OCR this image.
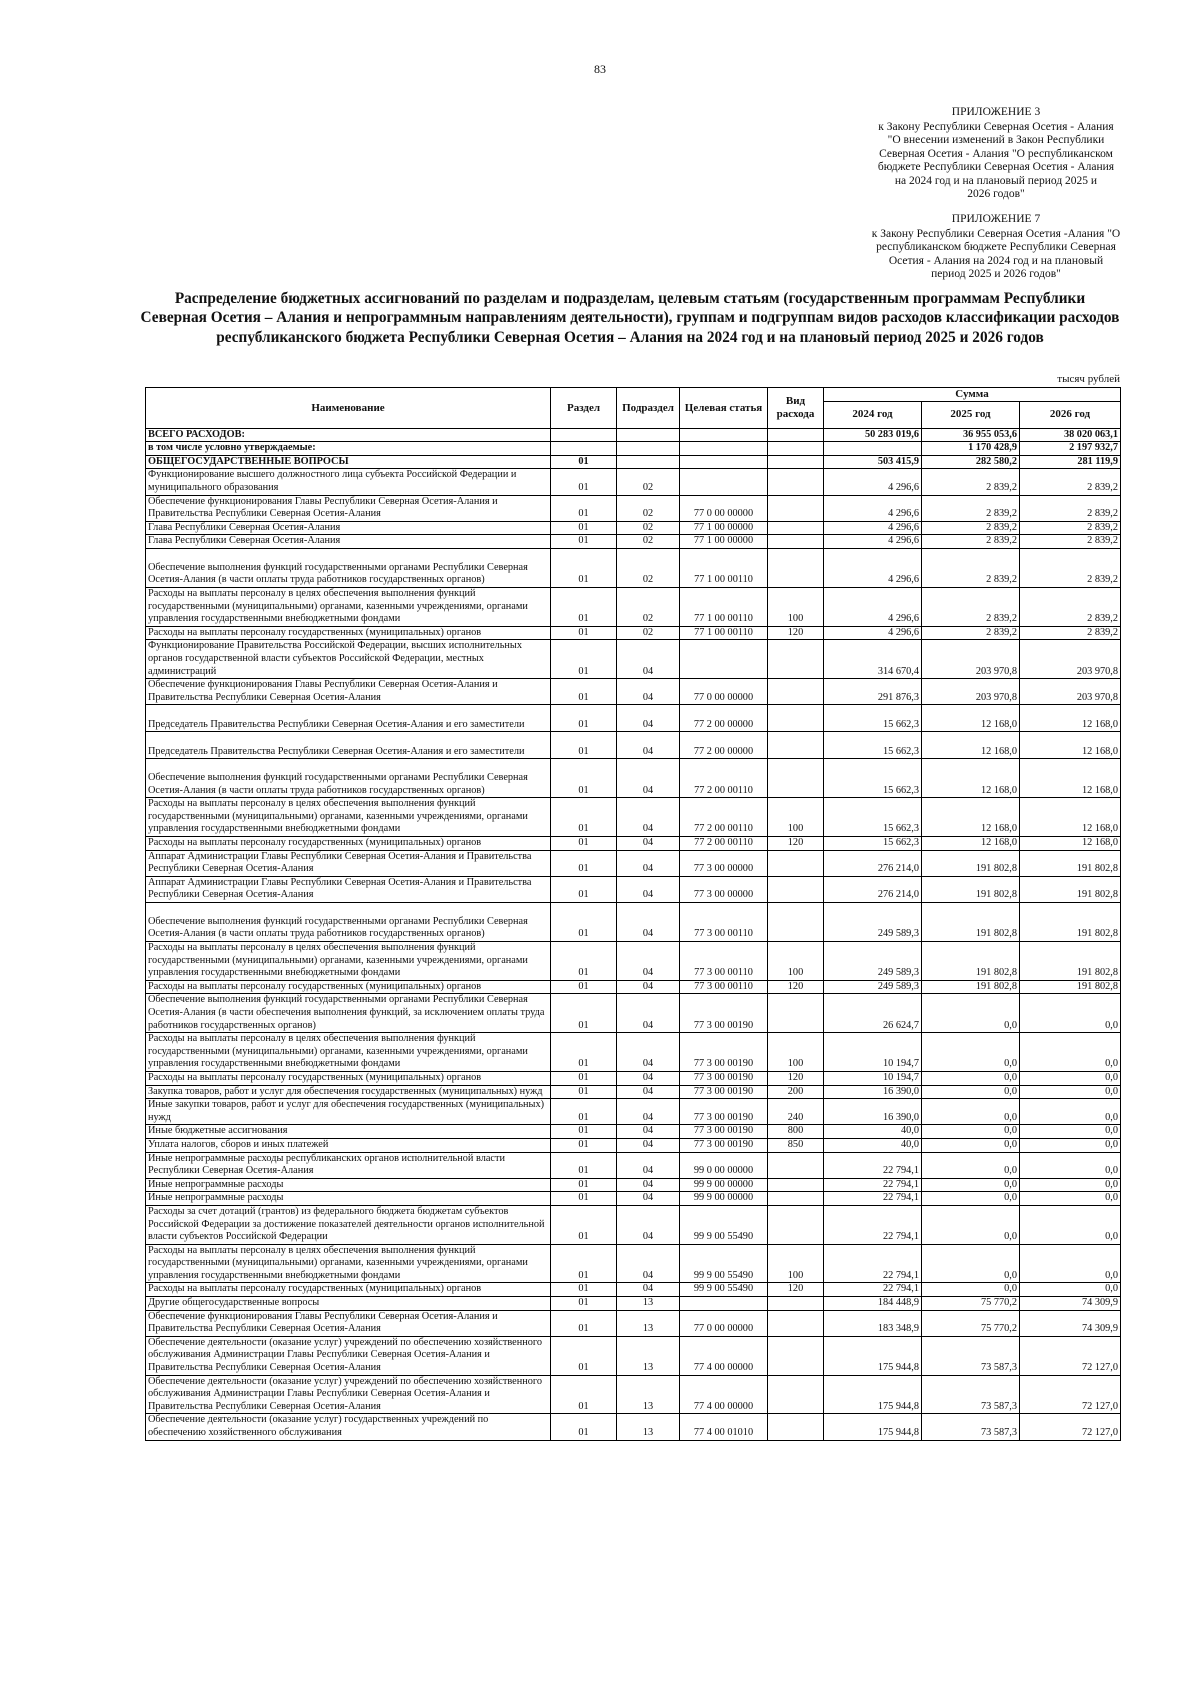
83

ПРИЛОЖЕНИЕ 3

к Закону Республики Северная Осетия - Алания
"О внесении изменений в Закон Республики
Северная Осетия - Алания "О республиканском
бюджете Республики Северная Осетия - Алания
на 2024 год и на плановый период 2025 и
2026 годов"

ПРИЛОЖЕНИЕ 7

к Закону Республики Северная Осетия -Алания "О
республиканском бюджете Республики Северная
Осетия - Алания на 2024 год и на плановый
период 2025 и 2026 годов"

Распределение бюджетных ассигнований по разделам и подразделам, целевым статьям (государственным программам Республики Северная Осетия – Алания и непрограммным направлениям деятельности), группам и подгруппам видов расходов классификации расходов республиканского бюджета Республики Северная Осетия – Алания на 2024 год и на плановый период 2025 и 2026 годов
тысяч рублей
Наименование	Раздел	Подраздел	Целевая статья	Вид расхода	Сумма		
					2024 год	2025 год	2026 год
ВСЕГО РАСХОДОВ:					50 283 019,6	36 955 053,6	38 020 063,1
в том числе условно утверждаемые:						1 170 428,9	2 197 932,7
ОБЩЕГОСУДАРСТВЕННЫЕ ВОПРОСЫ	01				503 415,9	282 580,2	281 119,9
Функционирование высшего должностного лица субъекта Российской Федерации и муниципального образования	01	02			4 296,6	2 839,2	2 839,2
Обеспечение функционирования Главы Республики Северная Осетия-Алания и Правительства Республики Северная Осетия-Алания	01	02	77 0 00 00000		4 296,6	2 839,2	2 839,2
Глава Республики Северная Осетия-Алания	01	02	77 1 00 00000		4 296,6	2 839,2	2 839,2
Глава Республики Северная Осетия-Алания	01	02	77 1 00 00000		4 296,6	2 839,2	2 839,2
Обеспечение выполнения функций государственными органами Республики Северная Осетия-Алания (в части оплаты труда работников государственных органов)	01	02	77 1 00 00110		4 296,6	2 839,2	2 839,2
Расходы на выплаты персоналу в целях обеспечения выполнения функций государственными (муниципальными) органами, казенными учреждениями, органами управления государственными внебюджетными фондами	01	02	77 1 00 00110	100	4 296,6	2 839,2	2 839,2
Расходы на выплаты персоналу государственных (муниципальных) органов	01	02	77 1 00 00110	120	4 296,6	2 839,2	2 839,2
Функционирование Правительства Российской Федерации, высших исполнительных органов государственной власти субъектов Российской Федерации, местных администраций	01	04			314 670,4	203 970,8	203 970,8
Обеспечение функционирования Главы Республики Северная Осетия-Алания и Правительства Республики Северная Осетия-Алания	01	04	77 0 00 00000		291 876,3	203 970,8	203 970,8
Председатель Правительства Республики Северная Осетия-Алания и его заместители	01	04	77 2 00 00000		15 662,3	12 168,0	12 168,0
Председатель Правительства Республики Северная Осетия-Алания и его заместители	01	04	77 2 00 00000		15 662,3	12 168,0	12 168,0
Обеспечение выполнения функций государственными органами Республики Северная Осетия-Алания (в части оплаты труда работников государственных органов)	01	04	77 2 00 00110		15 662,3	12 168,0	12 168,0
Расходы на выплаты персоналу в целях обеспечения выполнения функций государственными (муниципальными) органами, казенными учреждениями, органами управления государственными внебюджетными фондами	01	04	77 2 00 00110	100	15 662,3	12 168,0	12 168,0
Расходы на выплаты персоналу государственных (муниципальных) органов	01	04	77 2 00 00110	120	15 662,3	12 168,0	12 168,0
Аппарат Администрации Главы Республики Северная Осетия-Алания и Правительства Республики Северная Осетия-Алания	01	04	77 3 00 00000		276 214,0	191 802,8	191 802,8
Аппарат Администрации Главы Республики Северная Осетия-Алания и Правительства Республики Северная Осетия-Алания	01	04	77 3 00 00000		276 214,0	191 802,8	191 802,8
Обеспечение выполнения функций государственными органами Республики Северная Осетия-Алания (в части оплаты труда работников государственных органов)	01	04	77 3 00 00110		249 589,3	191 802,8	191 802,8
Расходы на выплаты персоналу в целях обеспечения выполнения функций государственными (муниципальными) органами, казенными учреждениями, органами управления государственными внебюджетными фондами	01	04	77 3 00 00110	100	249 589,3	191 802,8	191 802,8
Расходы на выплаты персоналу государственных (муниципальных) органов	01	04	77 3 00 00110	120	249 589,3	191 802,8	191 802,8
Обеспечение выполнения функций государственными органами Республики Северная Осетия-Алания (в части обеспечения выполнения функций, за исключением оплаты труда работников государственных органов)	01	04	77 3 00 00190		26 624,7	0,0	0,0
Расходы на выплаты персоналу в целях обеспечения выполнения функций государственными (муниципальными) органами, казенными учреждениями, органами управления государственными внебюджетными фондами	01	04	77 3 00 00190	100	10 194,7	0,0	0,0
Расходы на выплаты персоналу государственных (муниципальных) органов	01	04	77 3 00 00190	120	10 194,7	0,0	0,0
Закупка товаров, работ и услуг для обеспечения государственных (муниципальных) нужд	01	04	77 3 00 00190	200	16 390,0	0,0	0,0
Иные закупки товаров, работ и услуг для обеспечения государственных (муниципальных) нужд	01	04	77 3 00 00190	240	16 390,0	0,0	0,0
Иные бюджетные ассигнования	01	04	77 3 00 00190	800	40,0	0,0	0,0
Уплата налогов, сборов и иных платежей	01	04	77 3 00 00190	850	40,0	0,0	0,0
Иные непрограммные расходы республиканских органов исполнительной власти Республики Северная Осетия-Алания	01	04	99 0 00 00000		22 794,1	0,0	0,0
Иные непрограммные расходы	01	04	99 9 00 00000		22 794,1	0,0	0,0
Иные непрограммные расходы	01	04	99 9 00 00000		22 794,1	0,0	0,0
Расходы за счет дотаций (грантов) из федерального бюджета бюджетам субъектов Российской Федерации за достижение показателей деятельности органов исполнительной власти субъектов Российской Федерации	01	04	99 9 00 55490		22 794,1	0,0	0,0
Расходы на выплаты персоналу в целях обеспечения выполнения функций государственными (муниципальными) органами, казенными учреждениями, органами управления государственными внебюджетными фондами	01	04	99 9 00 55490	100	22 794,1	0,0	0,0
Расходы на выплаты персоналу государственных (муниципальных) органов	01	04	99 9 00 55490	120	22 794,1	0,0	0,0
Другие общегосударственные вопросы	01	13			184 448,9	75 770,2	74 309,9
Обеспечение функционирования Главы Республики Северная Осетия-Алания и Правительства Республики Северная Осетия-Алания	01	13	77 0 00 00000		183 348,9	75 770,2	74 309,9
Обеспечение деятельности (оказание услуг) учреждений по обеспечению хозяйственного обслуживания Администрации Главы Республики Северная Осетия-Алания и Правительства Республики Северная Осетия-Алания	01	13	77 4 00 00000		175 944,8	73 587,3	72 127,0
Обеспечение деятельности (оказание услуг) учреждений по обеспечению хозяйственного обслуживания Администрации Главы Республики Северная Осетия-Алания и Правительства Республики Северная Осетия-Алания	01	13	77 4 00 00000		175 944,8	73 587,3	72 127,0
Обеспечение деятельности (оказание услуг) государственных учреждений по обеспечению хозяйственного обслуживания	01	13	77 4 00 01010		175 944,8	73 587,3	72 127,0
